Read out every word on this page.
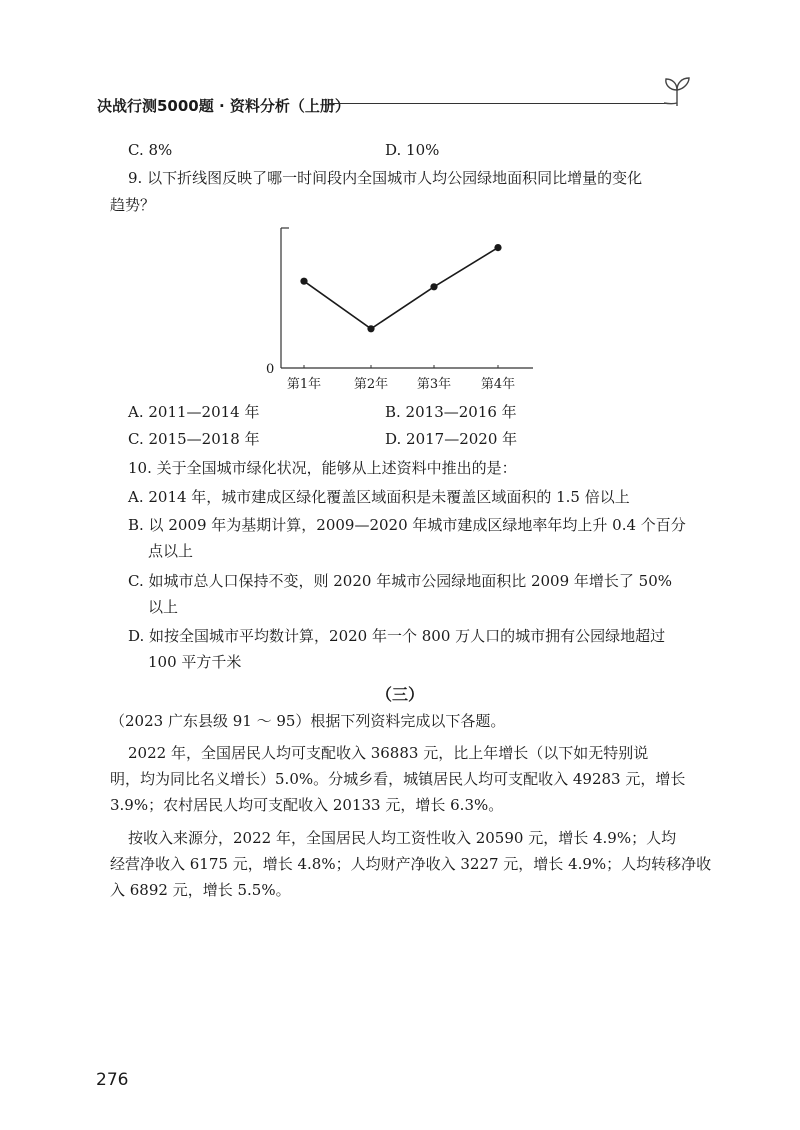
决战行测5000题 · 资料分析（上册）
C. 8%	D. 10%
9. 以下折线图反映了哪一时间段内全国城市人均公园绿地面积同比增量的变化
趋势？
0
第1年	第2年 第3年 第4年
A. 2011—2014 年	B. 2013—2016 年
C. 2015—2018 年	D. 2017—2020 年
10. 关于全国城市绿化状况，能够从上述资料中推出的是：
A. 2014 年，城市建成区绿化覆盖区域面积是未覆盖区域面积的 1.5 倍以上
B. 以 2009 年为基期计算，2009—2020 年城市建成区绿地率年均上升 0.4 个百分
点以上
C. 如城市总人口保持不变，则 2020 年城市公园绿地面积比 2009 年增长了 50%
以上
D. 如按全国城市平均数计算，2020 年一个 800 万人口的城市拥有公园绿地超过
100 平方千米
（三）
（2023 广东县级 91 ～ 95）根据下列资料完成以下各题。
2022 年，全国居民人均可支配收入 36883 元，比上年增长（以下如无特别说
明，均为同比名义增长）5.0%。分城乡看，城镇居民人均可支配收入 49283 元，增长
3.9%；农村居民人均可支配收入 20133 元，增长 6.3%。
按收入来源分，2022 年，全国居民人均工资性收入 20590 元，增长 4.9%；人均
经营净收入 6175 元，增长 4.8%；人均财产净收入 3227 元，增长 4.9%；人均转移净收
入 6892 元，增长 5.5%。
276
